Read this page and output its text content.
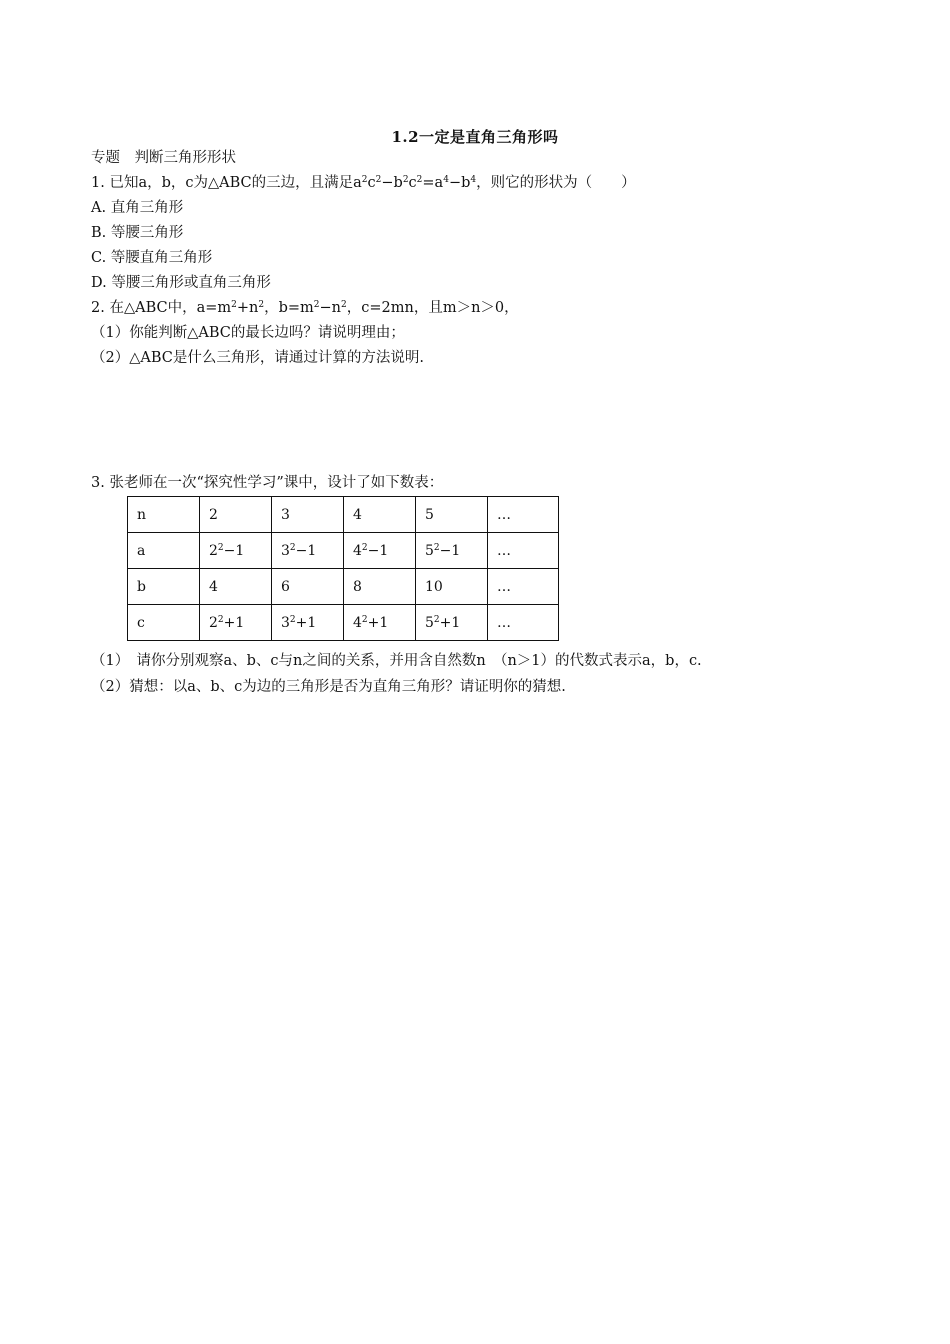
1.2一定是直角三角形吗
专题　判断三角形形状
1. 已知a，b，c为△ABC的三边，且满足$a^2c^2-b^2c^2=a^4-b^4$，则它的形状为（　　）
A. 直角三角形
B. 等腰三角形
C. 等腰直角三角形
D. 等腰三角形或直角三角形
2. 在△ABC中，$a=m^2+n^2$，$b=m^2-n^2$，c=2mn，且m＞n＞0，
（1）你能判断△ABC的最长边吗？请说明理由；
（2）△ABC是什么三角形，请通过计算的方法说明.
3. 张老师在一次“探究性学习”课中，设计了如下数表：
n	2	3	4	5	…
a	$2^2-1$	$3^2-1$	$4^2-1$	$5^2-1$	…
b	4	6	8	10	…
c	$2^2+1$	$3^2+1$	$4^2+1$	$5^2+1$	…
（1）　请你分别观察a、b、c与n之间的关系，并用含自然数n　（n＞1）的代数式表示a，b，c.
（2）猜想：以a、b、c为边的三角形是否为直角三角形？请证明你的猜想.
